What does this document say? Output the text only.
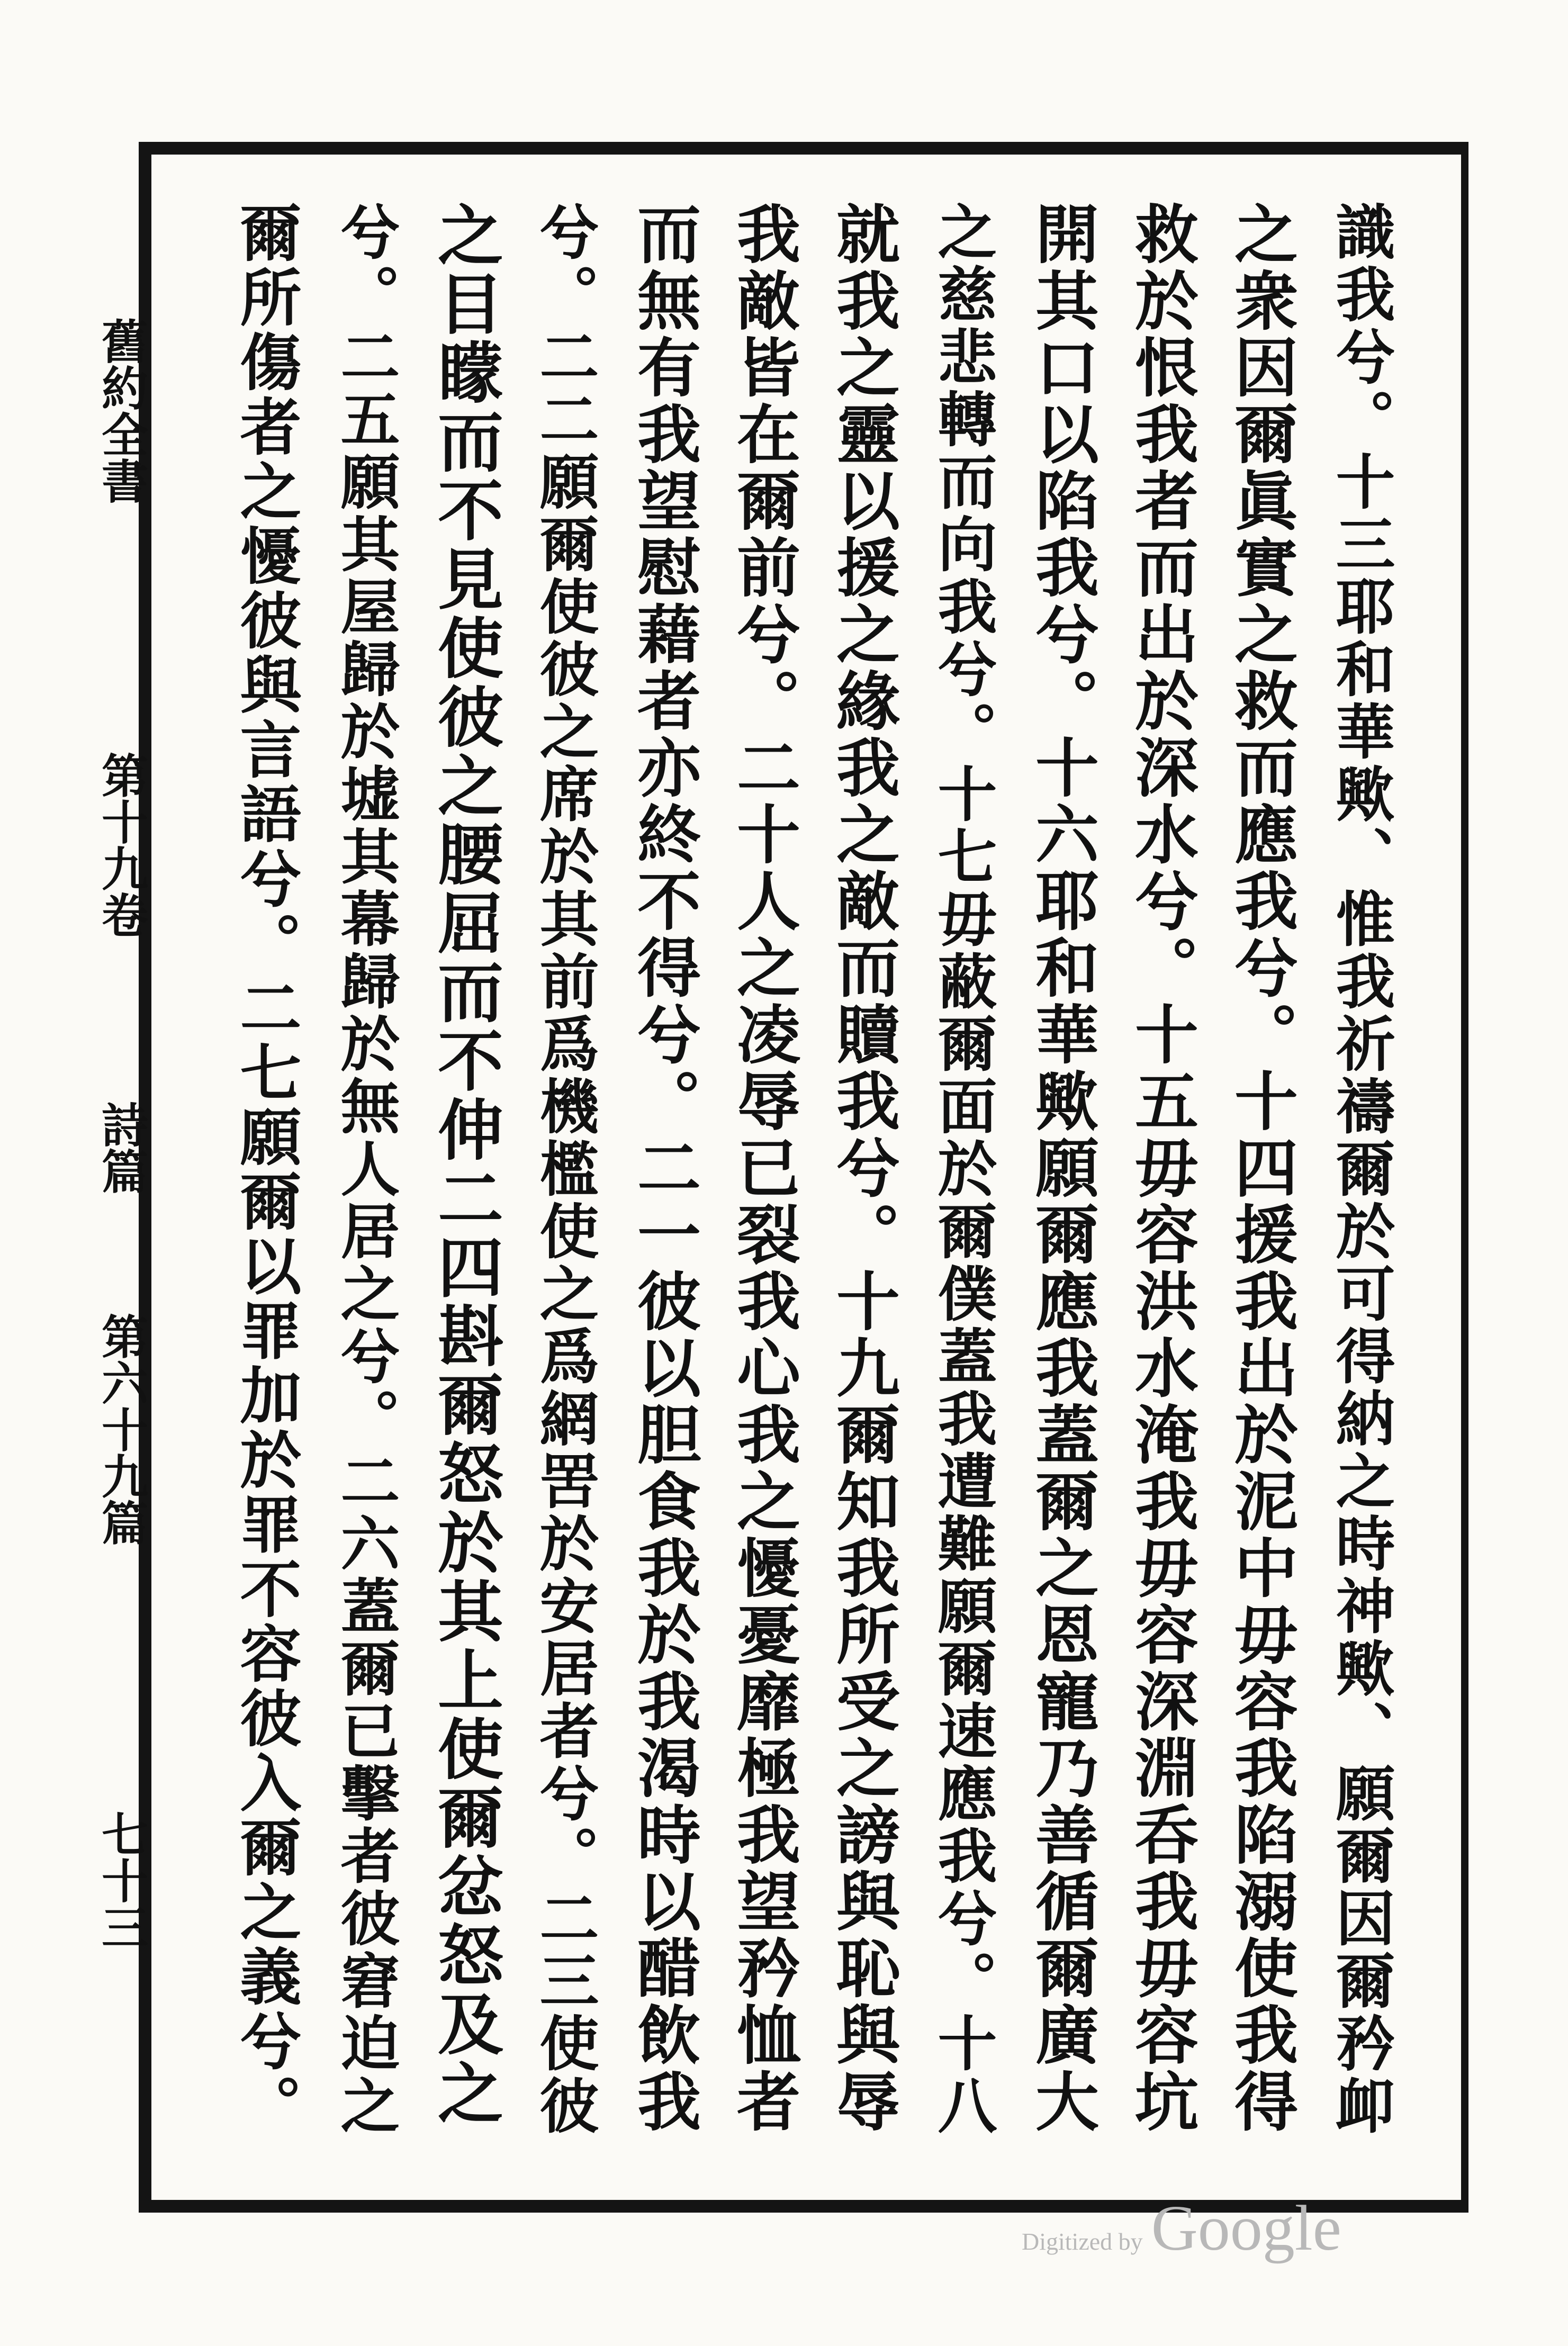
識我兮。十三耶和華歟、惟我祈禱爾於可得納之時神歟、願爾因爾矜卹
之衆因爾眞實之救而應我兮。十四援我出於泥中毋容我陷溺使我得
救於恨我者而出於深水兮。十五毋容洪水淹我毋容深淵呑我毋容坑
開其口以陷我兮。十六耶和華歟願爾應我蓋爾之恩寵乃善循爾廣大
之慈悲轉而向我兮。十七毋蔽爾面於爾僕蓋我遭難願爾速應我兮。十八
就我之靈以援之緣我之敵而贖我兮。十九爾知我所受之謗與恥與辱
我敵皆在爾前兮。二十人之凌辱已裂我心我之懮憂靡極我望矜恤者
而無有我望慰藉者亦終不得兮。二一彼以胆食我於我渴時以醋飲我
兮。二二願爾使彼之席於其前爲機檻使之爲網罟於安居者兮。二三使彼
之目矇而不見使彼之腰屈而不伸二四斟爾怒於其上使爾忿怒及之
兮。二五願其屋歸於墟其幕歸於無人居之兮。二六蓋爾已擊者彼窘迫之
爾所傷者之懮彼與言語兮。二七願爾以罪加於罪不容彼入爾之義兮。
舊約全書
第十九卷
詩篇
第六十九篇
七十三
Digitized by Google
